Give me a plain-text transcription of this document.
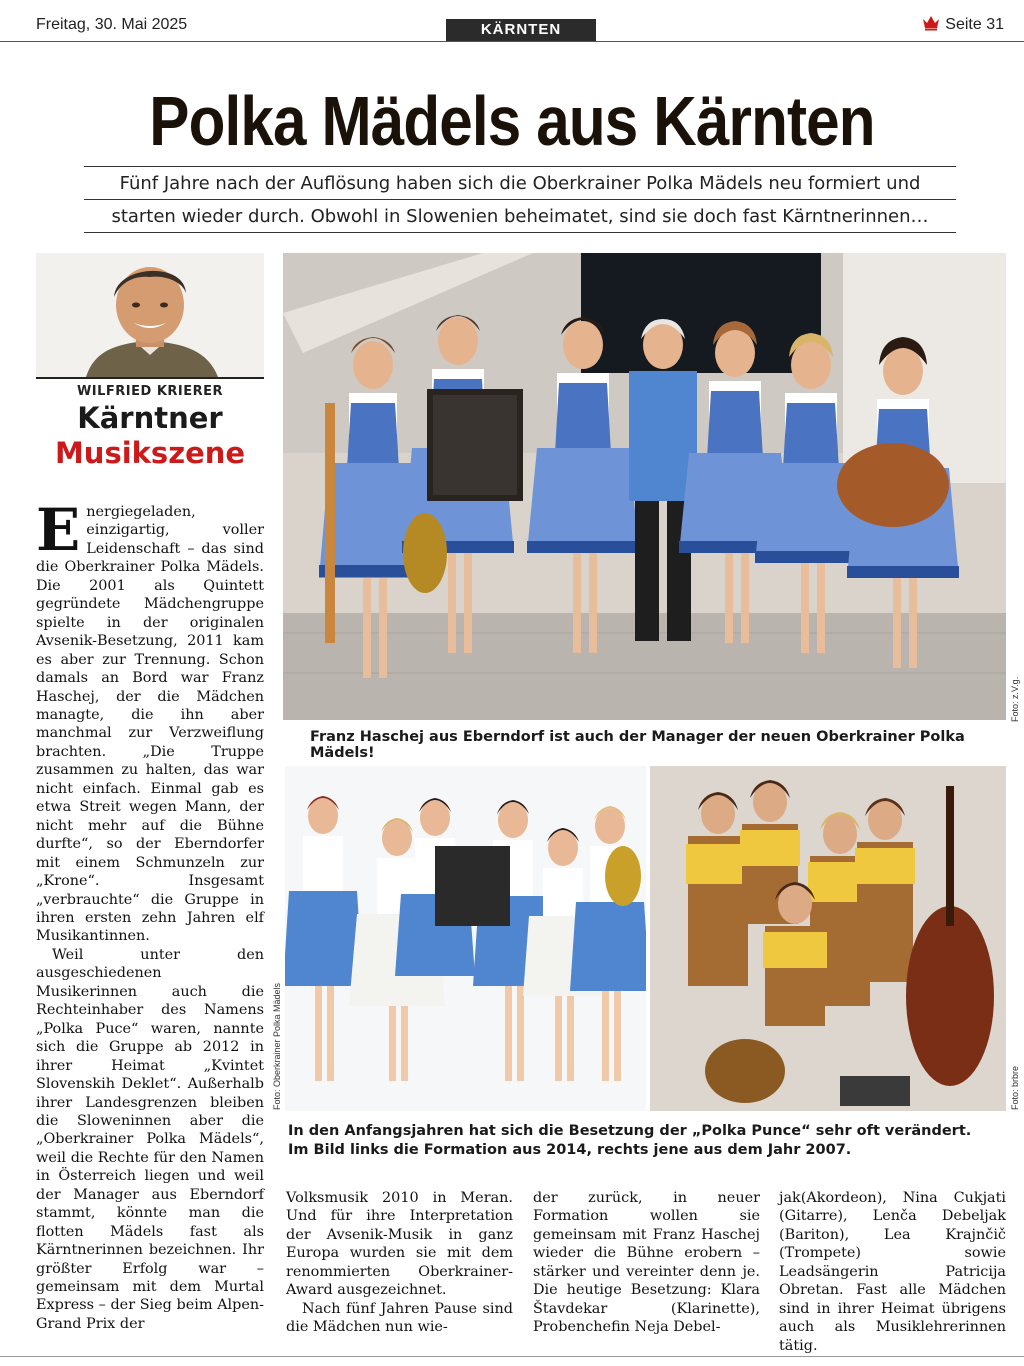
Freitag, 30. Mai 2025	KÄRNTEN	Seite 31
Polka Mädels aus Kärnten
Fünf Jahre nach der Auflösung haben sich die Oberkrainer Polka Mädels neu formiert und
starten wieder durch. Obwohl in Slowenien beheimatet, sind sie doch fast Kärntnerinnen…
WILFRIED KRIERER
Kärntner
Musikszene
Foto: z.V.g.
Franz Haschej aus Eberndorf ist auch der Manager der neuen Oberkrainer Polka Mädels!
Foto: Oberkrainer Polka Mädels	Foto: brbre
In den Anfangsjahren hat sich die Besetzung der „Polka Punce“ sehr oft verändert.
Im Bild links die Formation aus 2014, rechts jene aus dem Jahr 2007.

Energiegeladen, einzigartig, voller Leidenschaft – das sind die Oberkrainer Polka Mädels. Die 2001 als Quintett gegründete Mädchengruppe spielte in der originalen Avsenik-Besetzung, 2011 kam es aber zur Trennung. Schon damals an Bord war Franz Haschej, der die Mädchen managte, die ihn aber manchmal zur Verzweiflung brachten. „Die Truppe zusammen zu halten, das war nicht einfach. Einmal gab es etwa Streit wegen Mann, der nicht mehr auf die Bühne durfte“, so der Eberndorfer mit einem Schmunzeln zur „Krone“. Insgesamt „verbrauchte“ die Gruppe in ihren ersten zehn Jahren elf Musikantinnen.

Weil unter den ausgeschiedenen Musikerinnen auch die Rechteinhaber des Namens „Polka Puce“ waren, nannte sich die Gruppe ab 2012 in ihrer Heimat „Kvintet Slovenskih Deklet“. Außerhalb ihrer Landesgrenzen bleiben die Sloweninnen aber die „Oberkrainer Polka Mädels“, weil die Rechte für den Namen in Österreich liegen und weil der Manager aus Eberndorf stammt, könnte man die flotten Mädels fast als Kärntnerinnen bezeichnen. Ihr größter Erfolg war – gemeinsam mit dem Murtal Express – der Sieg beim Alpen-Grand Prix der

Volksmusik 2010 in Meran. Und für ihre Interpretation der Avsenik-Musik in ganz Europa wurden sie mit dem renommierten Oberkrainer-Award ausgezeichnet.

Nach fünf Jahren Pause sind die Mädchen nun wie-

der zurück, in neuer Formation wollen sie gemeinsam mit Franz Haschej wieder die Bühne erobern – stärker und vereinter denn je. Die heutige Besetzung: Klara Štavdekar (Klarinette), Probenchefin Neja Debel-

jak(Akordeon), Nina Cukjati (Gitarre), Lenča Debeljak (Bariton), Lea Krajnčič (Trompete) sowie Leadsängerin Patricija Obretan. Fast alle Mädchen sind in ihrer Heimat übrigens auch als Musiklehrerinnen tätig.
